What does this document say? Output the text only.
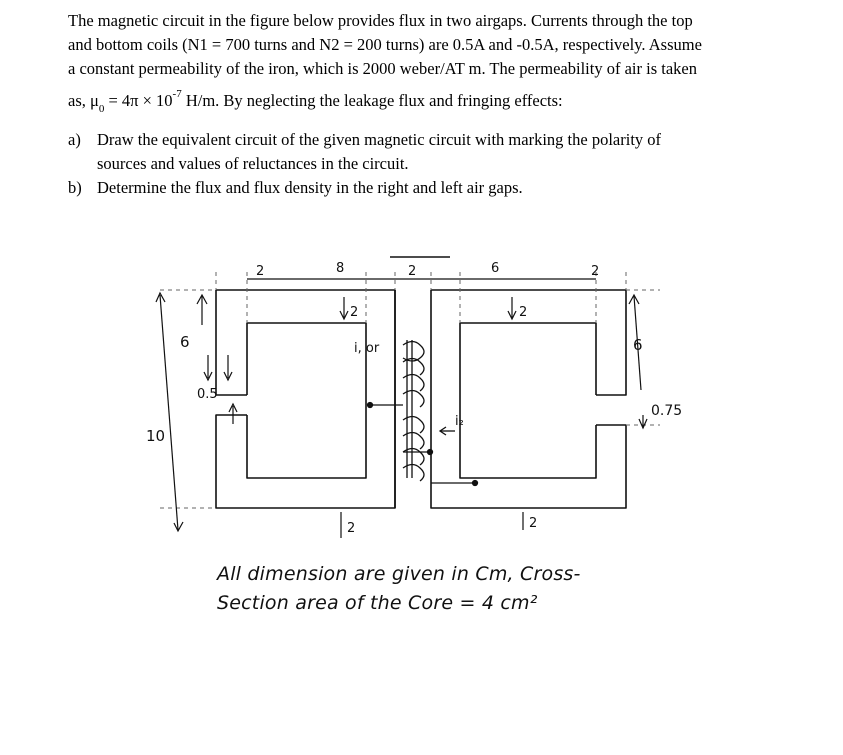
The magnetic circuit in the figure below provides flux in two airgaps. Currents through the top
and bottom coils (N1 = 700 turns and N2 = 200 turns) are 0.5A and -0.5A, respectively. Assume
a constant permeability of the iron, which is 2000 weber/AT m. The permeability of air is taken
as, $\mu_0 = 4\pi \times 10^{-7}$ H/m. By neglecting the leakage flux and fringing effects:
a) Draw the equivalent circuit of the given magnetic circuit with marking the polarity of
sources and values of reluctances in the circuit.
b) Determine the flux and flux density in the right and left air gaps.
2	8	2	6	2
6
0.5
10
6
0.75
2	2
2	2
i, or
i₂
All dimension are given in Cm, Cross-
Section area of the Core = 4 cm²
